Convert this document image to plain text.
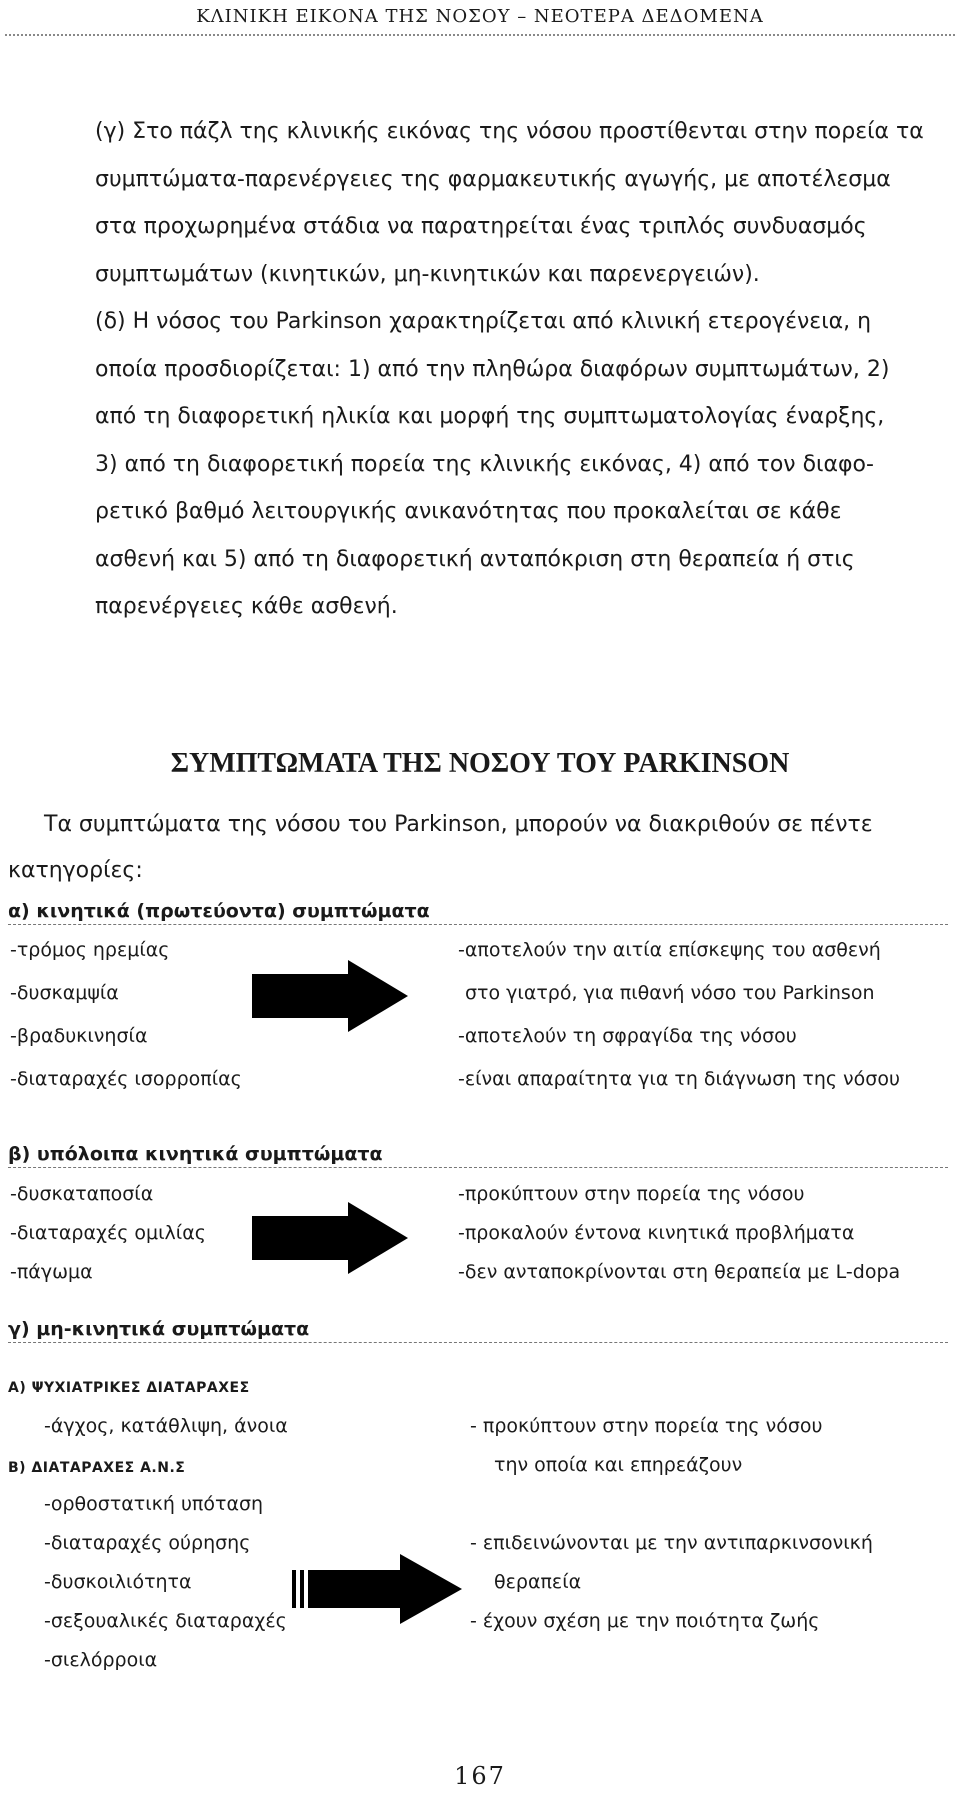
ΚΛΙΝΙΚΗ ΕΙΚΟΝΑ ΤΗΣ ΝΟΣΟΥ – ΝΕΟΤΕΡΑ ΔΕΔΟΜΕΝΑ

(γ) Στο πάζλ της κλινικής εικόνας της νόσου προστίθενται στην πορεία τα

συμπτώματα-παρενέργειες της φαρμακευτικής αγωγής, με αποτέλεσμα

στα προχωρημένα στάδια να παρατηρείται ένας τριπλός συνδυασμός

συμπτωμάτων (κινητικών, μη-κινητικών και παρενεργειών).

(δ) Η νόσος του Parkinson χαρακτηρίζεται από κλινική ετερογένεια, η

οποία προσδιορίζεται: 1) από την πληθώρα διαφόρων συμπτωμάτων, 2)

από τη διαφορετική ηλικία και μορφή της συμπτωματολογίας έναρξης,

3) από τη διαφορετική πορεία της κλινικής εικόνας, 4) από τον διαφο-

ρετικό βαθμό λειτουργικής ανικανότητας που προκαλείται σε κάθε

ασθενή και 5) από τη διαφορετική ανταπόκριση στη θεραπεία ή στις

παρενέργειες κάθε ασθενή.

ΣΥΜΠΤΩΜΑΤΑ ΤΗΣ ΝΟΣΟΥ ΤΟΥ PARKINSON
Τα συμπτώματα της νόσου του Parkinson, μπορούν να διακριθούν σε πέντε
κατηγορίες:
α) κινητικά (πρωτεύοντα) συμπτώματα
-τρόμος ηρεμίας
-δυσκαμψία
-βραδυκινησία
-διαταραχές ισορροπίας
-αποτελούν την αιτία επίσκεψης του ασθενή
στο γιατρό, για πιθανή νόσο του Parkinson
-αποτελούν τη σφραγίδα της νόσου
-είναι απαραίτητα για τη διάγνωση της νόσου
β) υπόλοιπα κινητικά συμπτώματα
-δυσκαταποσία
-διαταραχές ομιλίας
-πάγωμα
-προκύπτουν στην πορεία της νόσου
-προκαλούν έντονα κινητικά προβλήματα
-δεν ανταποκρίνονται στη θεραπεία με L-dopa
γ) μη-κινητικά συμπτώματα
Α) ΨΥΧΙΑΤΡΙΚΕΣ ΔΙΑΤΑΡΑΧΕΣ
-άγχος, κατάθλιψη, άνοια
Β) ΔΙΑΤΑΡΑΧΕΣ Α.Ν.Σ
-ορθοστατική υπόταση
-διαταραχές ούρησης
-δυσκοιλιότητα
-σεξουαλικές διαταραχές
-σιελόρροια
- προκύπτουν στην πορεία της νόσου
την οποία και επηρεάζουν
- επιδεινώνονται με την αντιπαρκινσονική
θεραπεία
- έχουν σχέση με την ποιότητα ζωής
167
